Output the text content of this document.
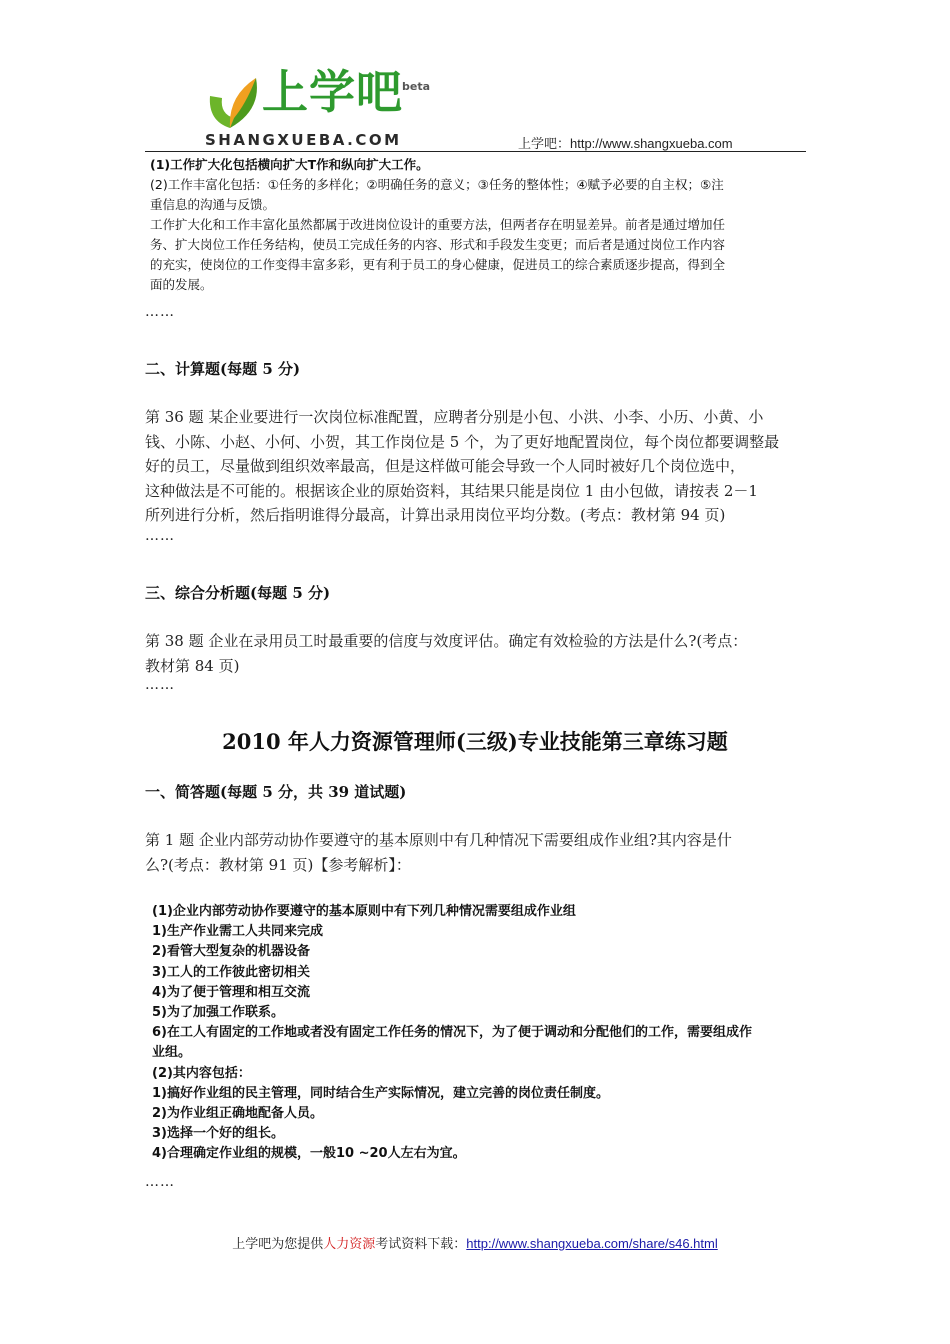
上学吧 beta
SHANGXUEBA.COM	上学吧：http://www.shangxueba.com

(1)工作扩大化包括横向扩大T作和纵向扩大工作。

(2)工作丰富化包括：①任务的多样化；②明确任务的意义；③任务的整体性；④赋予必要的自主权；⑤注

重信息的沟通与反馈。

工作扩大化和工作丰富化虽然都属于改进岗位设计的重要方法，但两者存在明显差异。前者是通过增加任

务、扩大岗位工作任务结构，使员工完成任务的内容、形式和手段发生变更；而后者是通过岗位工作内容

的充实，使岗位的工作变得丰富多彩，更有利于员工的身心健康，促进员工的综合素质逐步提高，得到全

面的发展。

……
二、计算题(每题 5 分)

第 36 题 某企业要进行一次岗位标准配置，应聘者分别是小包、小洪、小李、小历、小黄、小

钱、小陈、小赵、小何、小贺，其工作岗位是 5 个，为了更好地配置岗位，每个岗位都要调整最

好的员工，尽量做到组织效率最高，但是这样做可能会导致一个人同时被好几个岗位选中，

这种做法是不可能的。根据该企业的原始资料，其结果只能是岗位 1 由小包做，请按表 2－1

所列进行分析，然后指明谁得分最高，计算出录用岗位平均分数。(考点：教材第 94 页)

……
三、综合分析题(每题 5 分)

第 38 题 企业在录用员工时最重要的信度与效度评估。确定有效检验的方法是什么?(考点：

教材第 84 页)

……
2010 年人力资源管理师(三级)专业技能第三章练习题
一、简答题(每题 5 分，共 39 道试题)

第 1 题 企业内部劳动协作要遵守的基本原则中有几种情况下需要组成作业组?其内容是什

么?(考点：教材第 91 页)【参考解析】：

(1)企业内部劳动协作要遵守的基本原则中有下列几种情况需要组成作业组

1)生产作业需工人共同来完成

2)看管大型复杂的机器设备

3)工人的工作彼此密切相关

4)为了便于管理和相互交流

5)为了加强工作联系。

6)在工人有固定的工作地或者没有固定工作任务的情况下，为了便于调动和分配他们的工作，需要组成作

业组。

(2)其内容包括：

1)搞好作业组的民主管理，同时结合生产实际情况，建立完善的岗位责任制度。

2)为作业组正确地配备人员。

3)选择一个好的组长。

4)合理确定作业组的规模，一般10 ~20人左右为宜。

……
上学吧为您提供人力资源考试资料下载：http://www.shangxueba.com/share/s46.html
